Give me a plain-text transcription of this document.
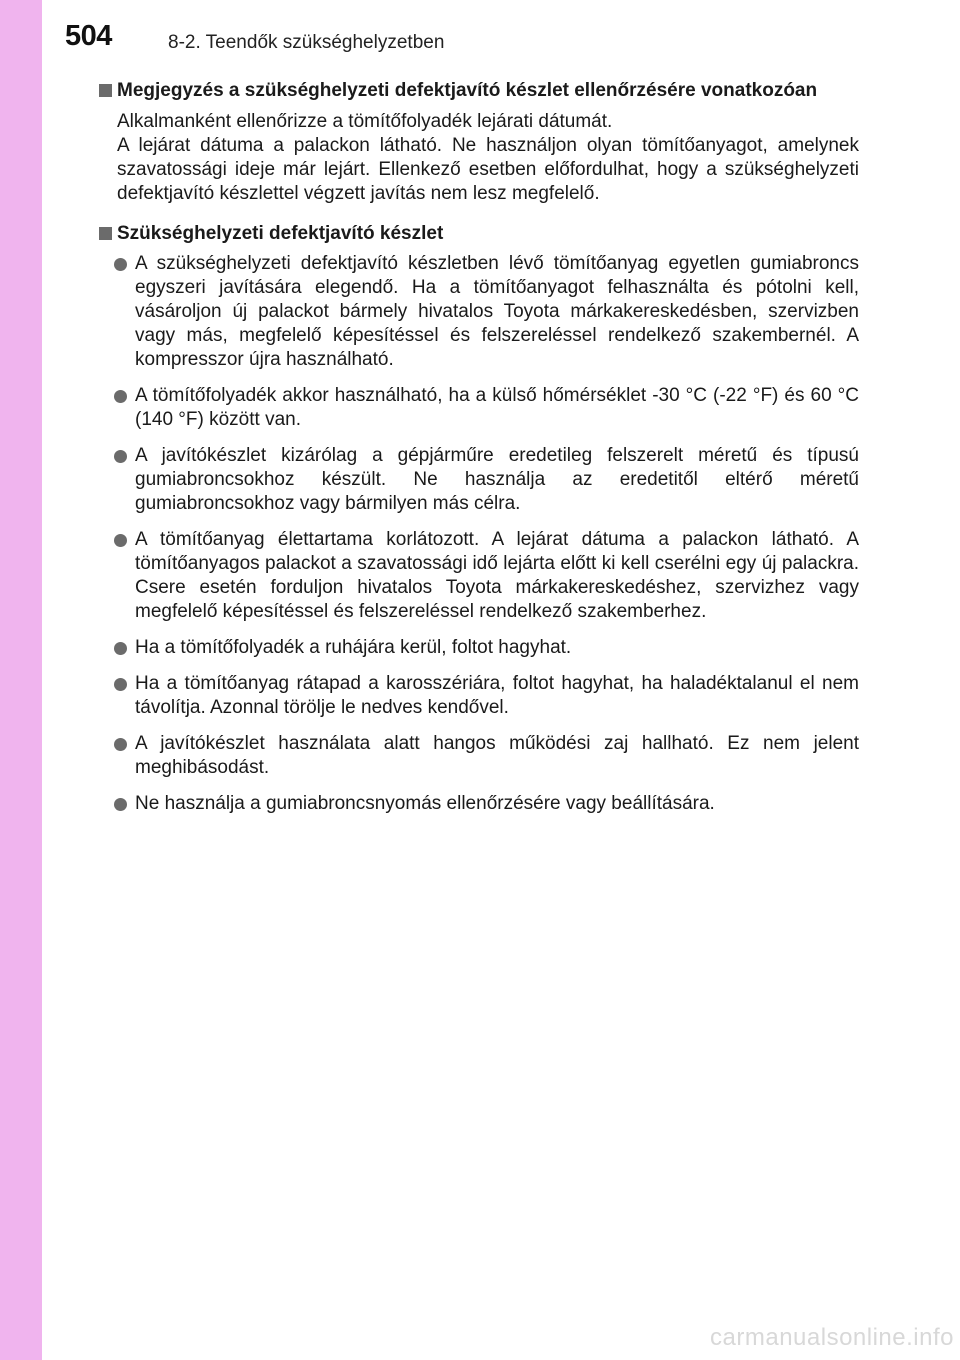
504	8-2. Teendők szükséghelyzetben
Megjegyzés a szükséghelyzeti defektjavító készlet ellenőrzésére vonatkozóan
Alkalmanként ellenőrizze a tömítőfolyadék lejárati dátumát.
A lejárat dátuma a palackon látható. Ne használjon olyan tömítőanyagot, amelynek szavatossági ideje már lejárt. Ellenkező esetben előfordulhat, hogy a szükséghelyzeti defektjavító készlettel végzett javítás nem lesz megfelelő.
Szükséghelyzeti defektjavító készlet
A szükséghelyzeti defektjavító készletben lévő tömítőanyag egyetlen gumiabroncs egyszeri javítására elegendő. Ha a tömítőanyagot felhasználta és pótolni kell, vásároljon új palackot bármely hivatalos Toyota márkakereskedésben, szervizben vagy más, megfelelő képesítéssel és felszereléssel rendelkező szakembernél. A kompresszor újra használható.
A tömítőfolyadék akkor használható, ha a külső hőmérséklet -30 °C (-22 °F) és 60 °C (140 °F) között van.
A javítókészlet kizárólag a gépjárműre eredetileg felszerelt méretű és típusú gumiabroncsokhoz készült. Ne használja az eredetitől eltérő méretű gumiabroncsokhoz vagy bármilyen más célra.
A tömítőanyag élettartama korlátozott. A lejárat dátuma a palackon látható. A tömítőanyagos palackot a szavatossági idő lejárta előtt ki kell cserélni egy új palackra. Csere esetén forduljon hivatalos Toyota márkakereskedéshez, szervizhez vagy megfelelő képesítéssel és felszereléssel rendelkező szakemberhez.
Ha a tömítőfolyadék a ruhájára kerül, foltot hagyhat.
Ha a tömítőanyag rátapad a karosszériára, foltot hagyhat, ha haladéktalanul el nem távolítja. Azonnal törölje le nedves kendővel.
A javítókészlet használata alatt hangos működési zaj hallható. Ez nem jelent meghibásodást.
Ne használja a gumiabroncsnyomás ellenőrzésére vagy beállítására.
carmanualsonline.info
